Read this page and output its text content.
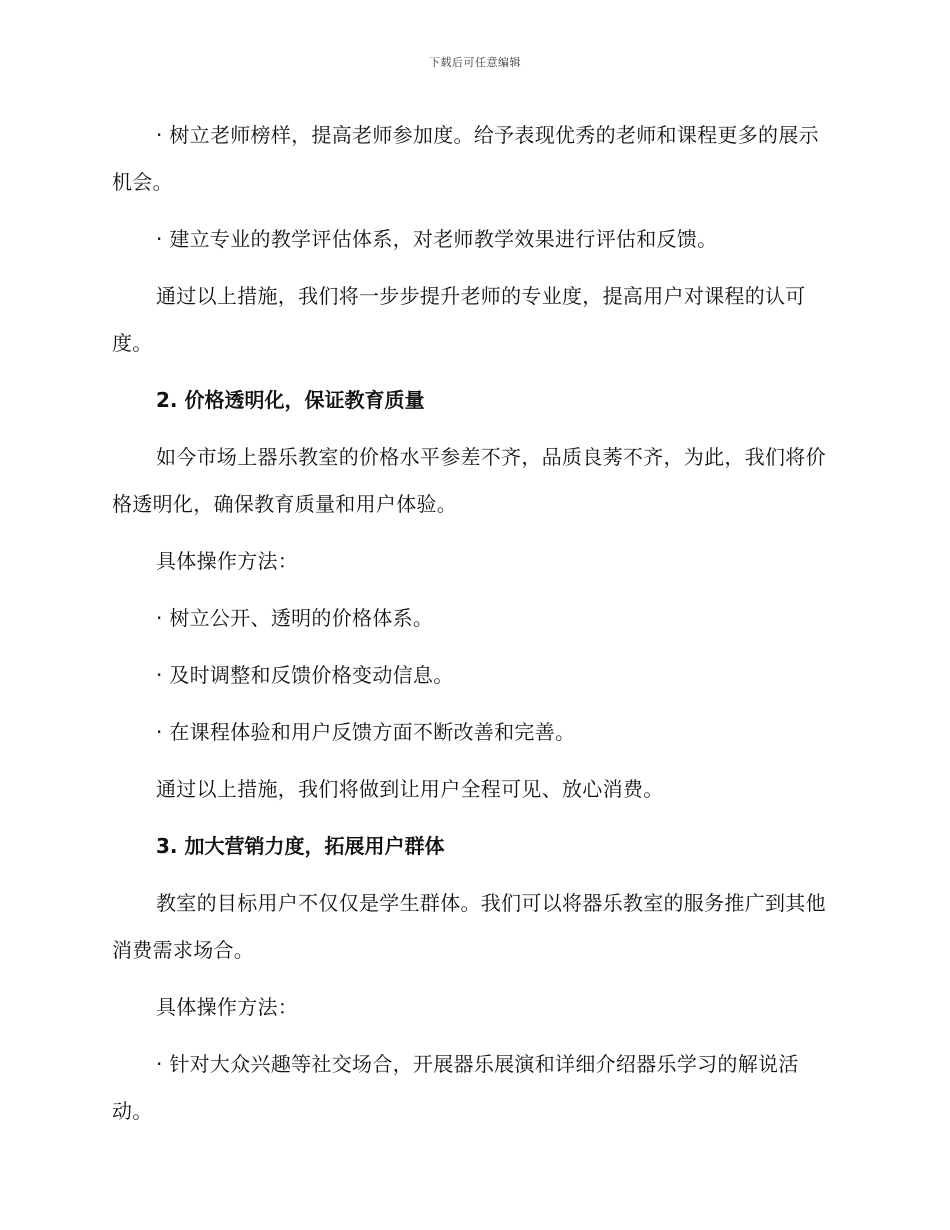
下载后可任意编辑

· 树立老师榜样，提高老师参加度。给予表现优秀的老师和课程更多的展示机会。

· 建立专业的教学评估体系，对老师教学效果进行评估和反馈。

通过以上措施，我们将一步步提升老师的专业度，提高用户对课程的认可度。

2. 价格透明化，保证教育质量

如今市场上器乐教室的价格水平参差不齐，品质良莠不齐，为此，我们将价格透明化，确保教育质量和用户体验。

具体操作方法：

· 树立公开、透明的价格体系。

· 及时调整和反馈价格变动信息。

· 在课程体验和用户反馈方面不断改善和完善。

通过以上措施，我们将做到让用户全程可见、放心消费。

3. 加大营销力度，拓展用户群体

教室的目标用户不仅仅是学生群体。我们可以将器乐教室的服务推广到其他消费需求场合。

具体操作方法：

· 针对大众兴趣等社交场合，开展器乐展演和详细介绍器乐学习的解说活动。
